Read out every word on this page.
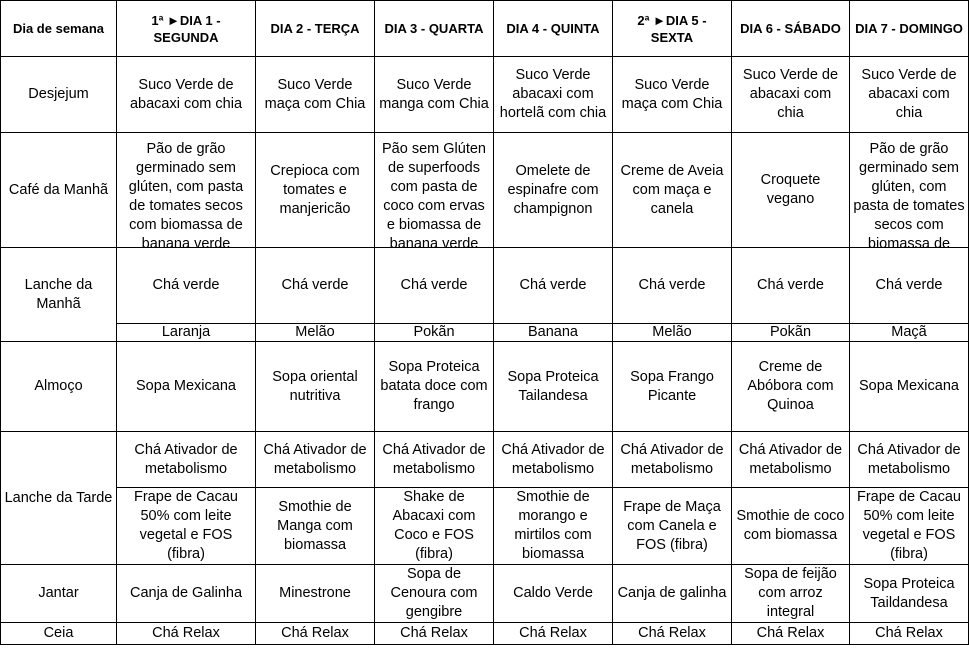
Dia de semana	1ª ►DIA 1 - SEGUNDA	DIA 2 - TERÇA	DIA 3 - QUARTA	DIA 4 - QUINTA	2ª ►DIA 5 - SEXTA	DIA 6 - SÁBADO	DIA 7 - DOMINGO
Desjejum	Suco Verde de abacaxi com chia	Suco Verde maça com Chia	Suco Verde manga com Chia	Suco Verde abacaxi com hortelã com chia	Suco Verde maça com Chia	Suco Verde de abacaxi com chia	Suco Verde de abacaxi com chia
Café da Manhã	Pão de grão germinado sem glúten, com pasta de tomates secos com biomassa de banana verde	Crepioca com tomates e manjericão	Pão sem Glúten de superfoods com pasta de coco com ervas e biomassa de banana verde	Omelete de espinafre com champignon	Creme de Aveia com maça e canela	Croquete vegano	Pão de grão germinado sem glúten, com pasta de tomates secos com biomassa de

Lanche da Manhã	Chá verde	Chá verde	Chá verde	Chá verde	Chá verde	Chá verde	Chá verde
	Laranja	Melão	Pokãn	Banana	Melão	Pokãn	Maçã
Almoço	Sopa Mexicana	Sopa oriental nutritiva	Sopa Proteica batata doce com frango	Sopa Proteica Tailandesa	Sopa Frango Picante	Creme de Abóbora com Quinoa	Sopa Mexicana
Lanche da Tarde	Chá Ativador de metabolismo	Chá Ativador de metabolismo	Chá Ativador de metabolismo	Chá Ativador de metabolismo	Chá Ativador de metabolismo	Chá Ativador de metabolismo	Chá Ativador de metabolismo
	Frape de Cacau 50% com leite vegetal e FOS (fibra)	Smothie de Manga com biomassa	Shake de Abacaxi com Coco e FOS (fibra)	Smothie de morango e mirtilos com biomassa	Frape de Maça com Canela e FOS (fibra)	Smothie de coco com biomassa	Frape de Cacau 50% com leite vegetal e FOS (fibra)
Jantar	Canja de Galinha	Minestrone	Sopa de Cenoura com gengibre	Caldo Verde	Canja de galinha	Sopa de feijão com arroz integral	Sopa Proteica Taildandesa
Ceia	Chá Relax	Chá Relax	Chá Relax	Chá Relax	Chá Relax	Chá Relax	Chá Relax
